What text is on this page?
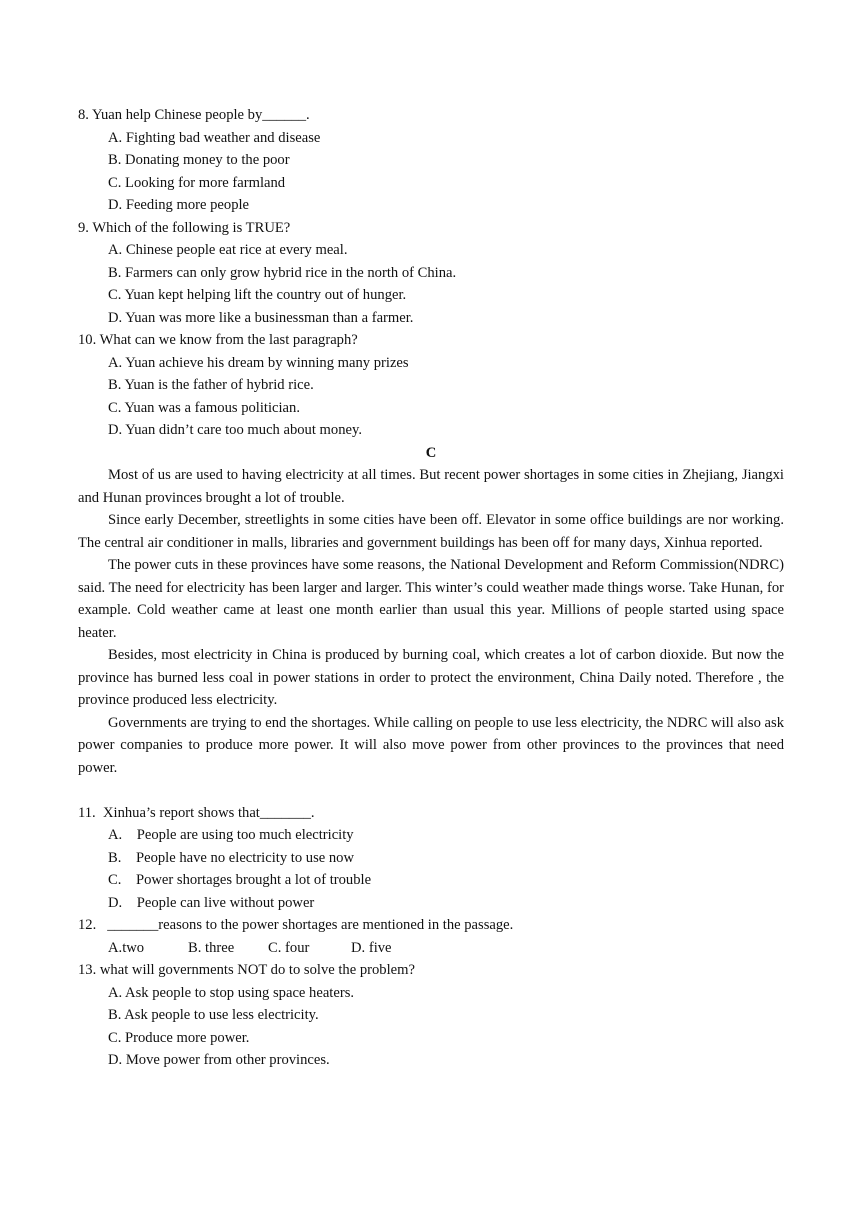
8. Yuan help Chinese people by______.
A. Fighting bad weather and disease
B. Donating money to the poor
C. Looking for more farmland
D. Feeding more people
9. Which of the following is TRUE?
A. Chinese people eat rice at every meal.
B. Farmers can only grow hybrid rice in the north of China.
C. Yuan kept helping lift the country out of hunger.
D. Yuan was more like a businessman than a farmer.
10. What can we know from the last paragraph?
A. Yuan achieve his dream by winning many prizes
B. Yuan is the father of hybrid rice.
C. Yuan was a famous politician.
D. Yuan didn’t care too much about money.
C
Most of us are used to having electricity at all times. But recent power shortages in some cities in Zhejiang, Jiangxi and Hunan provinces brought a lot of trouble.
Since early December, streetlights in some cities have been off. Elevator in some office buildings are nor working. The central air conditioner in malls, libraries and government buildings has been off for many days, Xinhua reported.
The power cuts in these provinces have some reasons, the National Development and Reform Commission(NDRC) said. The need for electricity has been larger and larger. This winter’s could weather made things worse. Take Hunan, for example. Cold weather came at least one month earlier than usual this year. Millions of people started using space heater.
Besides, most electricity in China is produced by burning coal, which creates a lot of carbon dioxide. But now the province has burned less coal in power stations in order to protect the environment, China Daily noted. Therefore , the province produced less electricity.
Governments are trying to end the shortages. While calling on people to use less electricity, the NDRC will also ask power companies to produce more power. It will also move power from other provinces to the provinces that need power.
11.  Xinhua’s report shows that_______.
A.    People are using too much electricity
B.    People have no electricity to use now
C.    Power shortages brought a lot of trouble
D.    People can live without power
12.   _______reasons to the power shortages are mentioned in the passage.
A.two	B. three C. four	D. five
13. what will governments NOT do to solve the problem?
A. Ask people to stop using space heaters.
B. Ask people to use less electricity.
C. Produce more power.
D. Move power from other provinces.
